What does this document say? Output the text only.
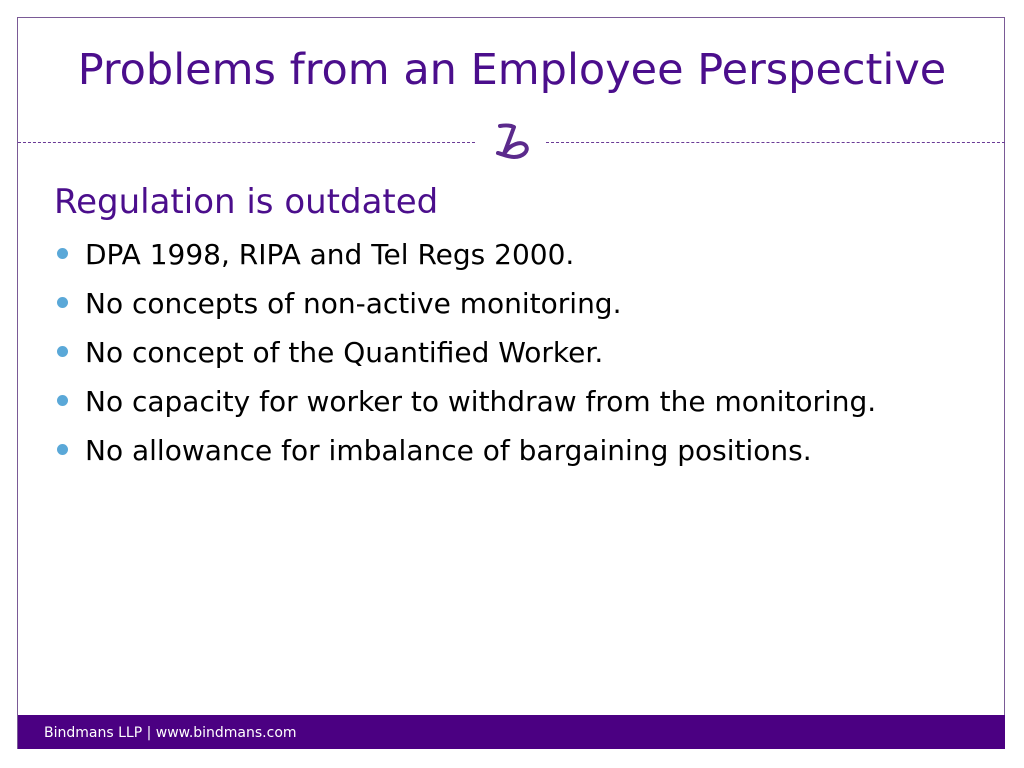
Problems from an Employee Perspective
Regulation is outdated
DPA 1998, RIPA and Tel Regs 2000.
No concepts of non-active monitoring.
No concept of the Quantified Worker.
No capacity for worker to withdraw from the monitoring.
No allowance for imbalance of bargaining positions.
Bindmans LLP | www.bindmans.com
